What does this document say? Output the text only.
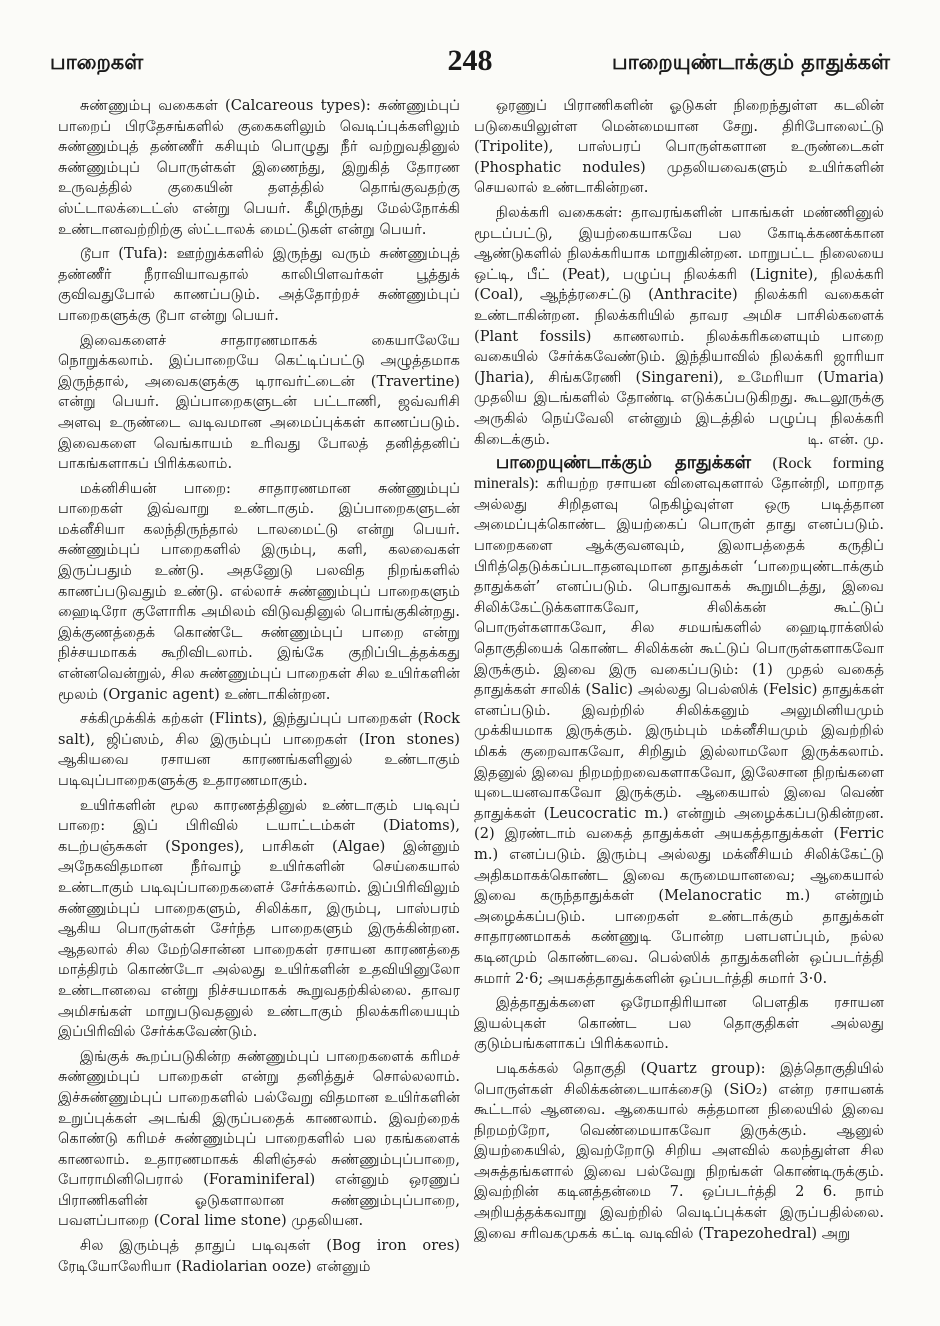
பாறைகள்	248	பாறையுண்டாக்கும் தாதுக்கள்

சுண்ணும்பு வகைகள் (Calcareous types): சுண்ணும்புப் பாறைப் பிரதேசங்களில் குகைகளிலும் வெடிப்புக்களிலும் சுண்ணும்புத் தண்ணீர் கசியும் பொழுது நீர் வற்றுவதினுல் சுண்ணும்புப் பொருள்கள் இணைந்து, இறுகித் தோரண உருவத்தில் குகையின் தளத்தில் தொங்குவதற்கு ஸ்ட்டாலக்டைட்ஸ் என்று பெயர். கீழிருந்து மேல்நோக்கி உண்டானவற்றிற்கு ஸ்ட்டாலக் மைட்டுகள் என்று பெயர்.

டூபா (Tufa): ஊற்றுக்களில் இருந்து வரும் சுண்ணும்புத் தண்ணீர் நீராவியாவதால் காலிபிளவர்கள் பூத்துக் குவிவதுபோல் காணப்படும். அத்தோற்றச் சுண்ணும்புப் பாறைகளுக்கு டூபா என்று பெயர்.

இவைகளைச் சாதாரணமாகக் கையாலேயே நொறுக்கலாம். இப்பாறையே கெட்டிப்பட்டு அழுத்தமாக இருந்தால், அவைகளுக்கு டிராவர்ட்டைன் (Travertine) என்று பெயர். இப்பாறைகளுடன் பட்டாணி, ஜவ்வரிசி அளவு உருண்டை வடிவமான அமைப்புக்கள் காணப்படும். இவைகளை வெங்காயம் உரிவது போலத் தனித்தனிப் பாகங்களாகப் பிரிக்கலாம்.

மக்னிசியன் பாறை: சாதாரணமான சுண்ணும்புப் பாறைகள் இவ்வாறு உண்டாகும். இப்பாறைகளுடன் மக்னீசியா கலந்திருந்தால் டாலமைட்டு என்று பெயர். சுண்ணும்புப் பாறைகளில் இரும்பு, களி, கலவைகள் இருப்பதும் உண்டு. அதனுேடு பலவித நிறங்களில் காணப்படுவதும் உண்டு. எல்லாச் சுண்ணும்புப் பாறைகளும் ஹைடிரோ குளோரிக அமிலம் விடுவதினுல் பொங்குகின்றது. இக்குணத்தைக் கொண்டே சுண்ணும்புப் பாறை என்று நிச்சயமாகக் கூறிவிடலாம். இங்கே குறிப்பிடத்தக்கது என்னவென்றுல், சில சுண்ணும்புப் பாறைகள் சில உயிர்களின் மூலம் (Organic agent) உண்டாகின்றன.

சக்கிமுக்கிக் கற்கள் (Flints), இந்துப்புப் பாறைகள் (Rock salt), ஜிப்ஸம், சில இரும்புப் பாறைகள் (Iron stones) ஆகியவை ரசாயன காரணங்களினுல் உண்டாகும் படிவுப்பாறைகளுக்கு உதாரணமாகும்.

உயிர்களின் மூல காரணத்தினுல் உண்டாகும் படிவுப் பாறை: இப் பிரிவில் டயாட்டம்கள் (Diatoms), கடற்பஞ்சுகள் (Sponges), பாசிகள் (Algae) இன்னும் அநேகவிதமான நீர்வாழ் உயிர்களின் செய்கையால் உண்டாகும் படிவுப்பாறைகளைச் சேர்க்கலாம். இப்பிரிவிலும் சுண்ணும்புப் பாறைகளும், சிலிக்கா, இரும்பு, பாஸ்பரம் ஆகிய பொருள்கள் சேர்ந்த பாறைகளும் இருக்கின்றன. ஆதலால் சில மேற்சொன்ன பாறைகள் ரசாயன காரணத்தை மாத்திரம் கொண்டோ அல்லது உயிர்களின் உதவியினுலோ உண்டானவை என்று நிச்சயமாகக் கூறுவதற்கில்லை. தாவர அமிசங்கள் மாறுபடுவதனுல் உண்டாகும் நிலக்கரியையும் இப்பிரிவில் சேர்க்கவேண்டும்.

இங்குக் கூறப்படுகின்ற சுண்ணும்புப் பாறைகளைக் கரிமச் சுண்ணும்புப் பாறைகள் என்று தனித்துச் சொல்லலாம். இச்சுண்ணும்புப் பாறைகளில் பல்வேறு விதமான உயிர்களின் உறுப்புக்கள் அடங்கி இருப்பதைக் காணலாம். இவற்றைக் கொண்டு கரிமச் சுண்ணும்புப் பாறைகளில் பல ரகங்களைக் காணலாம். உதாரணமாகக் கிளிஞ்சல் சுண்ணும்புப்பாறை, போராமினிபெரால் (Foraminiferal) என்னும் ஒரணுப் பிராணிகளின் ஓடுகளாலான சுண்ணும்புப்பாறை, பவளப்பாறை (Coral lime stone) முதலியன.

சில இரும்புத் தாதுப் படிவுகள் (Bog iron ores) ரேடியோலேரியா (Radiolarian ooze) என்னும்

ஒரணுப் பிராணிகளின் ஓடுகள் நிறைந்துள்ள கடலின் படுகையிலுள்ள மென்மையான சேறு. திரிபோலைட்டு (Tripolite), பாஸ்பரப் பொருள்களான உருண்டைகள் (Phosphatic nodules) முதலியவைகளும் உயிர்களின் செயலால் உண்டாகின்றன.

நிலக்கரி வகைகள்: தாவரங்களின் பாகங்கள் மண்ணினுல் மூடப்பட்டு, இயற்கையாகவே பல கோடிக்கணக்கான ஆண்டுகளில் நிலக்கரியாக மாறுகின்றன. மாறுபட்ட நிலையை ஒட்டி, பீட் (Peat), பழுப்பு நிலக்கரி (Lignite), நிலக்கரி (Coal), ஆந்த்ரசைட்டு (Anthracite) நிலக்கரி வகைகள் உண்டாகின்றன. நிலக்கரியில் தாவர அமிச பாசில்களைக் (Plant fossils) காணலாம். நிலக்கரிகளையும் பாறை வகையில் சேர்க்கவேண்டும். இந்தியாவில் நிலக்கரி ஜாரியா (Jharia), சிங்கரேணி (Singareni), உமேரியா (Umaria) முதலிய இடங்களில் தோண்டி எடுக்கப்படுகிறது. கூடலூருக்கு அருகில் நெய்வேலி என்னும் இடத்தில் பழுப்பு நிலக்கரி கிடைக்கும்.	டி. என். மு.

பாறையுண்டாக்கும் தாதுக்கள் (Rock forming minerals): கரியற்ற ரசாயன விளைவுகளால் தோன்றி, மாறாத அல்லது சிறிதளவு நெகிழ்வுள்ள ஒரு படித்தான அமைப்புக்கொண்ட இயற்கைப் பொருள் தாது எனப்படும். பாறைகளை ஆக்குவனவும், இலாபத்தைக் கருதிப் பிரித்தெடுக்கப்படாதனவுமான தாதுக்கள் ‘பாறையுண்டாக்கும் தாதுக்கள்’ எனப்படும். பொதுவாகக் கூறுமிடத்து, இவை சிலிக்கேட்டுக்களாகவோ, சிலிக்கன் கூட்டுப் பொருள்களாகவோ, சில சமயங்களில் ஹைடிராக்ஸில் தொகுதியைக் கொண்ட சிலிக்கன் கூட்டுப் பொருள்களாகவோ இருக்கும். இவை இரு வகைப்படும்: (1) முதல் வகைத் தாதுக்கள் சாலிக் (Salic) அல்லது பெல்ஸிக் (Felsic) தாதுக்கள் எனப்படும். இவற்றில் சிலிக்கனும் அலுமினியமும் முக்கியமாக இருக்கும். இரும்பும் மக்னீசியமும் இவற்றில் மிகக் குறைவாகவோ, சிறிதும் இல்லாமலோ இருக்கலாம். இதனுல் இவை நிறமற்றவைகளாகவோ, இலேசான நிறங்களை யுடையனவாகவோ இருக்கும். ஆகையால் இவை வெண் தாதுக்கள் (Leucocratic m.) என்றும் அழைக்கப்படுகின்றன. (2) இரண்டாம் வகைத் தாதுக்கள் அயகத்தாதுக்கள் (Ferric m.) எனப்படும். இரும்பு அல்லது மக்னீசியம் சிலிக்கேட்டு அதிகமாகக்கொண்ட இவை கருமையானவை; ஆகையால் இவை கருந்தாதுக்கள் (Melanocratic m.) என்றும் அழைக்கப்படும். பாறைகள் உண்டாக்கும் தாதுக்கள் சாதாரணமாகக் கண்ணுடி போன்ற பளபளப்பும், நல்ல கடினமும் கொண்டவை. பெல்ஸிக் தாதுக்களின் ஒப்படர்த்தி சுமார் 2·6; அயகத்தாதுக்களின் ஒப்படர்த்தி சுமார் 3·0.

இத்தாதுக்களை ஒரேமாதிரியான பௌதிக ரசாயன இயல்புகள் கொண்ட பல தொகுதிகள் அல்லது குடும்பங்களாகப் பிரிக்கலாம்.

படிகக்கல் தொகுதி (Quartz group): இத்தொகுதியில் பொருள்கள் சிலிக்கன்டையாக்சைடு (SiO₂) என்ற ரசாயனக் கூட்டால் ஆனவை. ஆகையால் சுத்தமான நிலையில் இவை நிறமற்றோ, வெண்மையாகவோ இருக்கும். ஆனுல் இயற்கையில், இவற்றோடு சிறிய அளவில் கலந்துள்ள சில அசுத்தங்களால் இவை பல்வேறு நிறங்கள் கொண்டிருக்கும். இவற்றின் கடினத்தன்மை 7. ஒப்படர்த்தி 2 6. நாம் அறியத்தக்கவாறு இவற்றில் வெடிப்புக்கள் இருப்பதில்லை. இவை சரிவகமுகக் கட்டி வடிவில் (Trapezohedral) அறு
